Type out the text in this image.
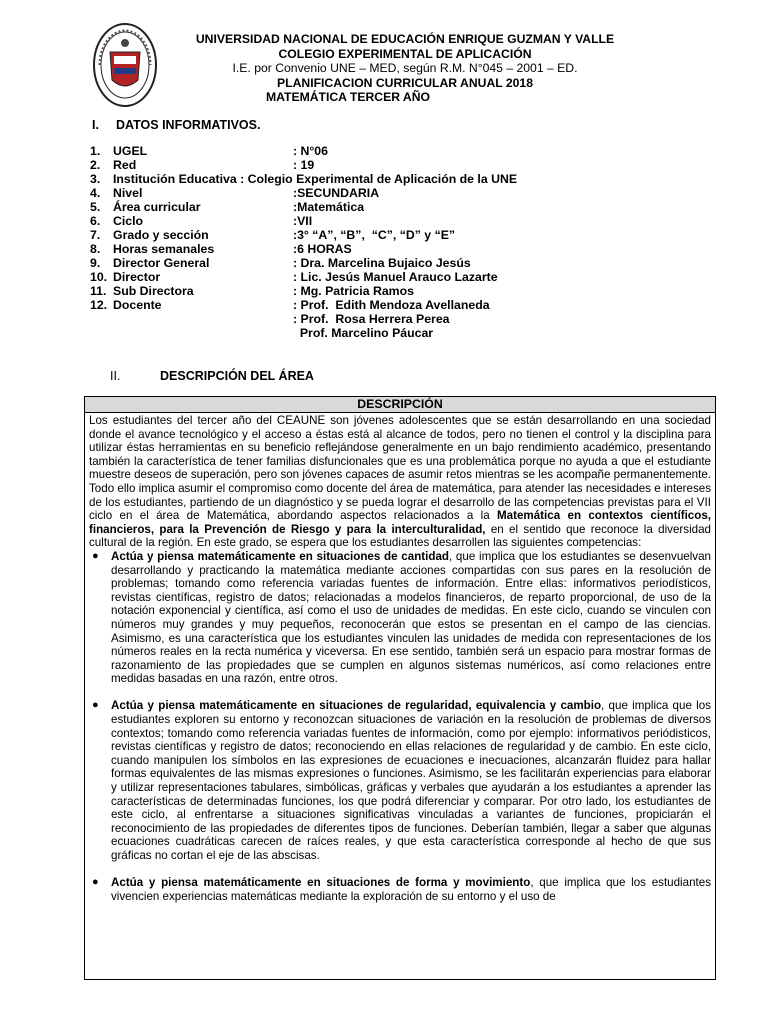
UNIVERSIDAD NACIONAL DE EDUCACIÓN ENRIQUE GUZMAN Y VALLE
COLEGIO EXPERIMENTAL DE APLICACIÓN
I.E. por Convenio UNE – MED, según R.M. N°045 – 2001 – ED.
PLANIFICACION CURRICULAR ANUAL 2018
MATEMÁTICA TERCER AÑO
I. DATOS INFORMATIVOS.
1. UGEL	: N°06
2. Red	: 19
3. Institución Educativa : Colegio Experimental de Aplicación de la UNE
4. Nivel	:SECUNDARIA
5. Área curricular	:Matemática
6. Ciclo	:VII
7. Grado y sección	:3° “A”, “B”,  “C”, “D” y “E”
8. Horas semanales	:6 HORAS
9. Director General	: Dra. Marcelina Bujaico Jesús
10. Director	: Lic. Jesús Manuel Arauco Lazarte
11. Sub Directora	: Mg. Patricia Ramos
12. Docente	: Prof.  Edith Mendoza Avellaneda
: Prof.  Rosa Herrera Perea
Prof. Marcelino Páucar
II.	DESCRIPCIÓN DEL ÁREA
DESCRIPCIÓN

Los estudiantes del tercer año del CEAUNE son jóvenes adolescentes que se están desarrollando en una sociedad donde el avance tecnológico y el acceso a éstas está al alcance de todos, pero no tienen el control y la disciplina para utilizar éstas herramientas en su beneficio reflejándose generalmente en un bajo rendimiento académico, presentando también la característica de tener familias disfuncionales que es una problemática porque no ayuda a que el estudiante muestre deseos de superación, pero son jóvenes capaces de asumir retos mientras se les acompañe permanentemente. Todo ello implica asumir el compromiso como docente del área de matemática, para atender las necesidades e intereses de los estudiantes, partiendo de un diagnóstico y se pueda lograr el desarrollo de las competencias previstas para el VII ciclo en el área de Matemática, abordando aspectos relacionados a la Matemática en contextos científicos, financieros, para la Prevención de Riesgo y para la interculturalidad, en el sentido que reconoce la diversidad cultural de la región. En este grado, se espera que los estudiantes desarrollen las siguientes competencias:

● Actúa y piensa matemáticamente en situaciones de cantidad, que implica que los estudiantes se desenvuelvan desarrollando y practicando la matemática mediante acciones compartidas con sus pares en la resolución de problemas; tomando como referencia variadas fuentes de información. Entre ellas: informativos periodísticos, revistas científicas, registro de datos; relacionadas a modelos financieros, de reparto proporcional, de uso de la notación exponencial y científica, así como el uso de unidades de medidas. En este ciclo, cuando se vinculen con números muy grandes y muy pequeños, reconocerán que estos se presentan en el campo de las ciencias. Asimismo, es una característica que los estudiantes vinculen las unidades de medida con representaciones de los números reales en la recta numérica y viceversa. En ese sentido, también será un espacio para mostrar formas de razonamiento de las propiedades que se cumplen en algunos sistemas numéricos, así como relaciones entre medidas basadas en una razón, entre otros.
● Actúa y piensa matemáticamente en situaciones de regularidad, equivalencia y cambio, que implica que los estudiantes exploren su entorno y reconozcan situaciones de variación en la resolución de problemas de diversos contextos; tomando como referencia variadas fuentes de información, como por ejemplo: informativos periódisticos, revistas científicas y registro de datos; reconociendo en ellas relaciones de regularidad y de cambio. En este ciclo, cuando manipulen los símbolos en las expresiones de ecuaciones e inecuaciones, alcanzarán fluidez para hallar formas equivalentes de las mismas expresiones o funciones. Asimismo, se les facilitarán experiencias para elaborar y utilizar representaciones tabulares, simbólicas, gráficas y verbales que ayudarán a los estudiantes a aprender las características de determinadas funciones, los que podrá diferenciar y comparar. Por otro lado, los estudiantes de este ciclo, al enfrentarse a situaciones significativas vinculadas a variantes de funciones, propiciarán el reconocimiento de las propiedades de diferentes tipos de funciones. Deberían también, llegar a saber que algunas ecuaciones cuadráticas carecen de raíces reales, y que esta característica corresponde al hecho de que sus gráficas no cortan el eje de las abscisas.
● Actúa y piensa matemáticamente en situaciones de forma y movimiento, que implica que los estudiantes vivencien experiencias matemáticas mediante la exploración de su entorno y el uso de
